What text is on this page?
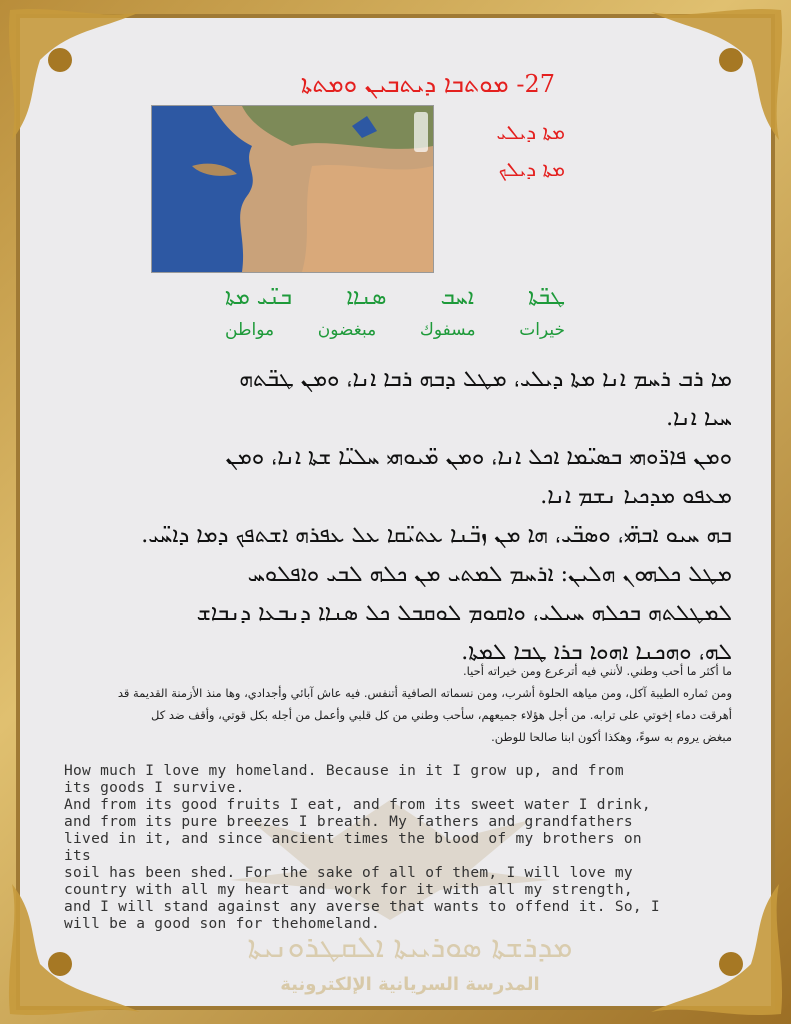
ܡܕܪܫܬܐ ܣܘܪܝܝܬܐ ܐܠܩܛܪܘܢܝܬܐ
المدرسة السريانية الإلكترونية
27- ܡܘܬܒܐ ܕܝܬܒܝܢ ܘܡܬܬܐ
ܡܬܐ ܕܝܠܝ
ܡܬܐ ܕܝܠܟ
ܛܒ̈ܬܐ
ܐܚܒ
ܣܢܐܐ
ܒܢ̈ܝ ܡܬܐ
خيرات
مسفوك
مبغضون
مواطن
ܡܐ ܪܒ ܪܚܡ ܐܢܐ ܡܬܐ ܕܝܠܝ، ܡܛܠ ܕܒܗ ܪܒܐ ܐܢܐ، ܘܡܢ ܛܒ̈ܬܗ
ܚܝܐ ܐܢܐ.
ܘܡܢ ܦܐܪ̈ܘܗܝ ܒܣܝ̈ܡܐ ܐܟܠ ܐܢܐ، ܘܡܢ ܡ̈ܝܘܗܝ ܚܠܝ̈ܐ ܫܬܐ ܐܢܐ، ܘܡܢ
ܡܥܦܘ ܡܕܟܝܐ ܢܫܡ ܐܢܐ.
ܒܗ ܚܝܘ ܐܒܗ̈ܝ، ܘܣܒ̈ܝ، ܗܐ ܡܢ ܙܒ̈ܢܐ ܥܬܝ̈ܩܐ ܥܠ ܥܦܪܗ ܐܫܬܦܟ ܕܡܐ ܕܐܚ̈ܝ.
ܡܛܠ ܟܠܗܘܢ ܗܠܝܢ: ܐܪܚܡ ܠܡܬܝ ܡܢ ܟܠܗ ܠܒܝ ܘܐܦܠܘܚ
ܠܡܛܠܬܗ ܒܟܠܗ ܚܝܠܝ، ܘܐܩܘܡ ܠܘܩܒܠ ܟܠ ܣܢܐܐ ܕܢܒܥܐ ܕܢܒܐܫ
ܠܗ، ܘܗܟܢܐ ܐܗܘܐ ܒܪܐ ܛܒܐ ܠܡܬܐ.
ما أكثر ما أحب وطني. لأنني فيه أترعرع ومن خيراته أحيا.
ومن ثماره الطيبة آكل، ومن مياهه الحلوة أشرب، ومن نسماته الصافية أتنفس. فيه عاش آبائي وأجدادي، وها منذ الأزمنة القديمة قد
أهرقت دماء إخوتي على ترابه. من أجل هؤلاء جميعهم، سأحب وطني من كل قلبي وأعمل من أجله بكل قوتي، وأقف ضد كل
مبغض يروم به سوءً، وهكذا أكون ابنا صالحا للوطن.
How much I love my homeland. Because in it I grow up, and from
its goods I survive.
And from its good fruits I eat, and from its sweet water I drink,
and from its pure breezes I breath. My fathers and grandfathers
lived in it, and since ancient times the blood of my brothers on its
soil has been shed. For the sake of all of them, I will love my
country with all my heart and work for it with all my strength,
and I will stand against any averse that wants to offend it. So, I
will be a good son for thehomeland.
